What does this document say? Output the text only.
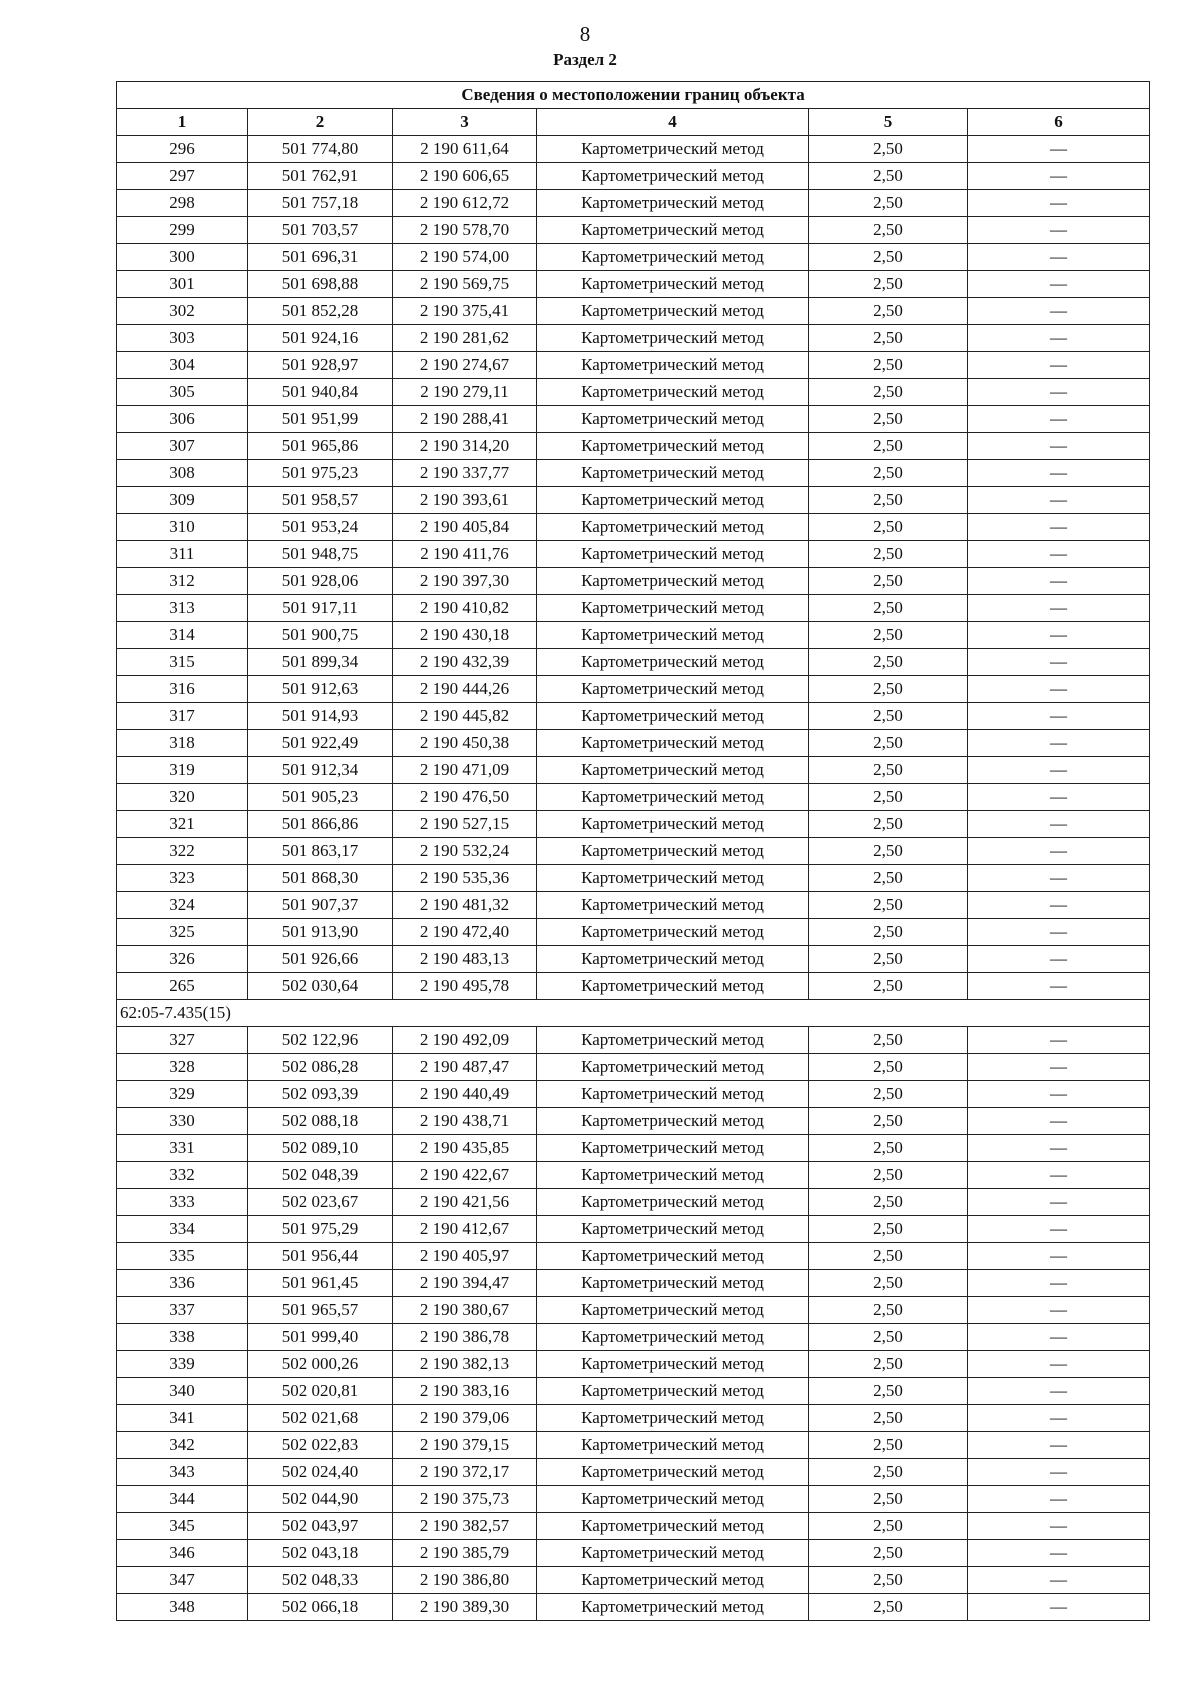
8
Раздел 2
Сведения о местоположении границ объекта					
1	2	3	4	5	6
296	501 774,80	2 190 611,64	Картометрический метод	2,50	—
297	501 762,91	2 190 606,65	Картометрический метод	2,50	—
298	501 757,18	2 190 612,72	Картометрический метод	2,50	—
299	501 703,57	2 190 578,70	Картометрический метод	2,50	—
300	501 696,31	2 190 574,00	Картометрический метод	2,50	—
301	501 698,88	2 190 569,75	Картометрический метод	2,50	—
302	501 852,28	2 190 375,41	Картометрический метод	2,50	—
303	501 924,16	2 190 281,62	Картометрический метод	2,50	—
304	501 928,97	2 190 274,67	Картометрический метод	2,50	—
305	501 940,84	2 190 279,11	Картометрический метод	2,50	—
306	501 951,99	2 190 288,41	Картометрический метод	2,50	—
307	501 965,86	2 190 314,20	Картометрический метод	2,50	—
308	501 975,23	2 190 337,77	Картометрический метод	2,50	—
309	501 958,57	2 190 393,61	Картометрический метод	2,50	—
310	501 953,24	2 190 405,84	Картометрический метод	2,50	—
311	501 948,75	2 190 411,76	Картометрический метод	2,50	—
312	501 928,06	2 190 397,30	Картометрический метод	2,50	—
313	501 917,11	2 190 410,82	Картометрический метод	2,50	—
314	501 900,75	2 190 430,18	Картометрический метод	2,50	—
315	501 899,34	2 190 432,39	Картометрический метод	2,50	—
316	501 912,63	2 190 444,26	Картометрический метод	2,50	—
317	501 914,93	2 190 445,82	Картометрический метод	2,50	—
318	501 922,49	2 190 450,38	Картометрический метод	2,50	—
319	501 912,34	2 190 471,09	Картометрический метод	2,50	—
320	501 905,23	2 190 476,50	Картометрический метод	2,50	—
321	501 866,86	2 190 527,15	Картометрический метод	2,50	—
322	501 863,17	2 190 532,24	Картометрический метод	2,50	—
323	501 868,30	2 190 535,36	Картометрический метод	2,50	—
324	501 907,37	2 190 481,32	Картометрический метод	2,50	—
325	501 913,90	2 190 472,40	Картометрический метод	2,50	—
326	501 926,66	2 190 483,13	Картометрический метод	2,50	—
265	502 030,64	2 190 495,78	Картометрический метод	2,50	—
62:05-7.435(15)					
327	502 122,96	2 190 492,09	Картометрический метод	2,50	—
328	502 086,28	2 190 487,47	Картометрический метод	2,50	—
329	502 093,39	2 190 440,49	Картометрический метод	2,50	—
330	502 088,18	2 190 438,71	Картометрический метод	2,50	—
331	502 089,10	2 190 435,85	Картометрический метод	2,50	—
332	502 048,39	2 190 422,67	Картометрический метод	2,50	—
333	502 023,67	2 190 421,56	Картометрический метод	2,50	—
334	501 975,29	2 190 412,67	Картометрический метод	2,50	—
335	501 956,44	2 190 405,97	Картометрический метод	2,50	—
336	501 961,45	2 190 394,47	Картометрический метод	2,50	—
337	501 965,57	2 190 380,67	Картометрический метод	2,50	—
338	501 999,40	2 190 386,78	Картометрический метод	2,50	—
339	502 000,26	2 190 382,13	Картометрический метод	2,50	—
340	502 020,81	2 190 383,16	Картометрический метод	2,50	—
341	502 021,68	2 190 379,06	Картометрический метод	2,50	—
342	502 022,83	2 190 379,15	Картометрический метод	2,50	—
343	502 024,40	2 190 372,17	Картометрический метод	2,50	—
344	502 044,90	2 190 375,73	Картометрический метод	2,50	—
345	502 043,97	2 190 382,57	Картометрический метод	2,50	—
346	502 043,18	2 190 385,79	Картометрический метод	2,50	—
347	502 048,33	2 190 386,80	Картометрический метод	2,50	—
348	502 066,18	2 190 389,30	Картометрический метод	2,50	—
